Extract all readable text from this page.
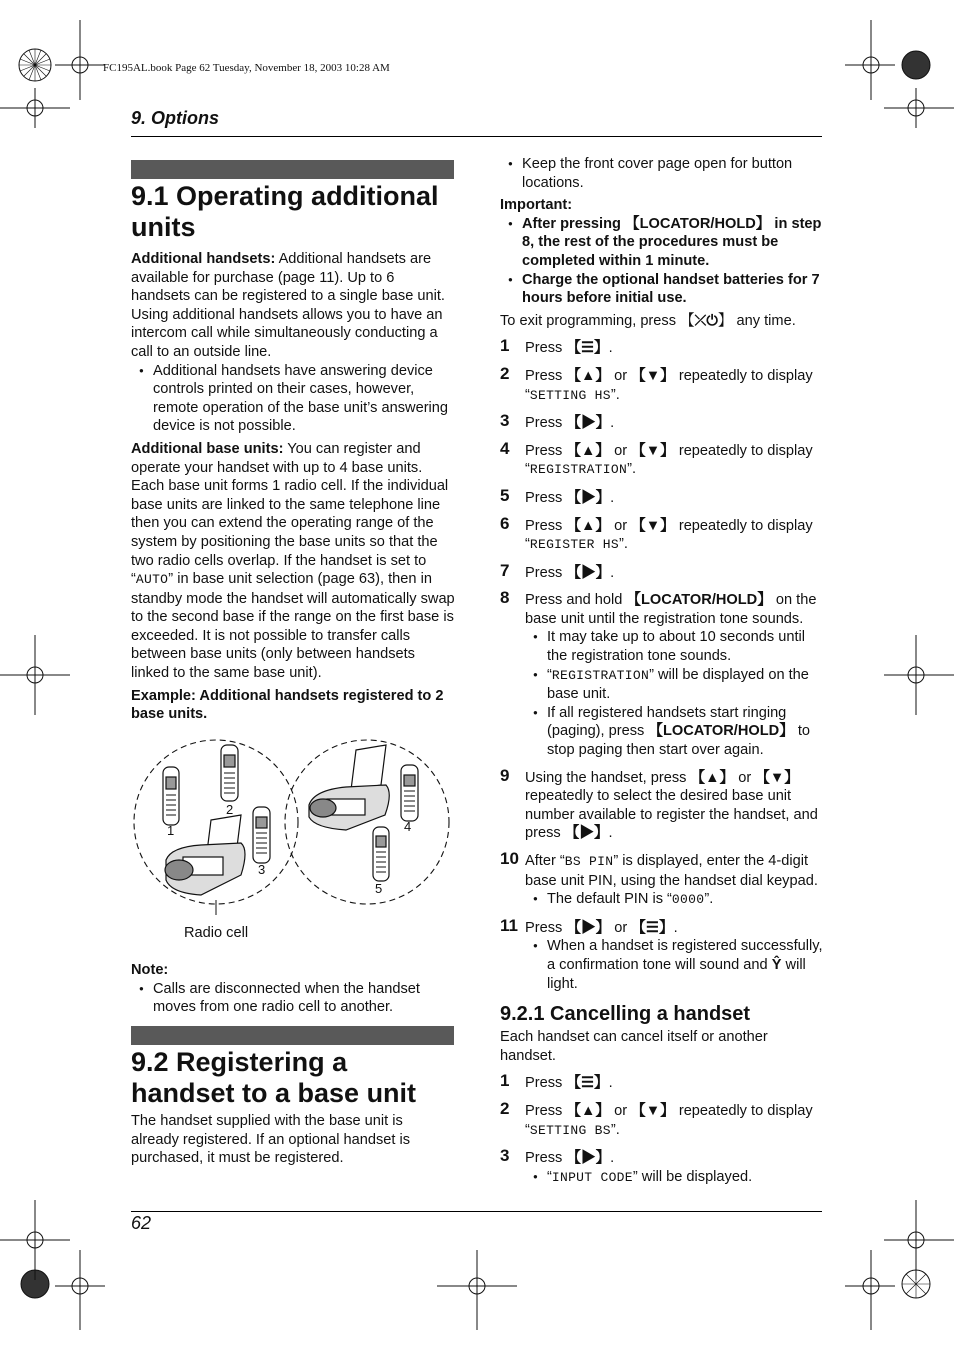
FC195AL.book Page 62 Tuesday, November 18, 2003 10:28 AM
9. Options
9.1 Operating additional units

Additional handsets: Additional handsets are available for purchase (page 11). Up to 6 handsets can be registered to a single base unit. Using additional handsets allows you to have an intercom call while simultaneously conducting a call to an outside line.

● Additional handsets have answering device controls printed on their cases, however, remote operation of the base unit’s answering device is not possible.

Additional base units: You can register and operate your handset with up to 4 base units. Each base unit forms 1 radio cell. If the individual base units are linked to the same telephone line then you can extend the operating range of the system by positioning the base units so that the two radio cells overlap. If the handset is set to “AUTO” in base unit selection (page 63), then in standby mode the handset will automatically swap to the second base if the range on the first base is exceeded. It is not possible to transfer calls between base units (only between handsets linked to the same base unit).

Example: Additional handsets registered to 2 base units.

1
2
3
4
5
Radio cell

Note:

● Calls are disconnected when the handset moves from one radio cell to another.

9.2 Registering a handset to a base unit

The handset supplied with the base unit is already registered. If an optional handset is purchased, it must be registered.

● Keep the front cover page open for button locations.

Important:

● After pressing 【LOCATOR/HOLD】 in step 8, the rest of the procedures must be completed within 1 minute.

● Charge the optional handset batteries for 7 hours before initial use.

To exit programming, press 【⤫⏻】 any time.

1 Press 【☰】.

2 Press 【▲】 or 【▼】 repeatedly to display
“SETTING HS”.

3 Press 【▶】.

4 Press 【▲】 or 【▼】 repeatedly to display
“REGISTRATION”.

5 Press 【▶】.

6 Press 【▲】 or 【▼】 repeatedly to display
“REGISTER HS”.

7 Press 【▶】.

8 Press and hold 【LOCATOR/HOLD】 on the base unit until the registration tone sounds.

● It may take up to about 10 seconds until the registration tone sounds.

● “REGISTRATION” will be displayed on the base unit.

● If all registered handsets start ringing (paging), press 【LOCATOR/HOLD】 to stop paging then start over again.

9 Using the handset, press 【▲】 or 【▼】 repeatedly to select the desired base unit number available to register the handset, and press 【▶】.

10 After “BS PIN” is displayed, enter the 4-digit base unit PIN, using the handset dial keypad.

● The default PIN is “0000”.

11 Press 【▶】 or 【☰】.

● When a handset is registered successfully, a confirmation tone will sound and Ŷ will light.

9.2.1 Cancelling a handset

Each handset can cancel itself or another handset.

1 Press 【☰】.

2 Press 【▲】 or 【▼】 repeatedly to display
“SETTING BS”.

3 Press 【▶】.

● “INPUT CODE” will be displayed.

62
